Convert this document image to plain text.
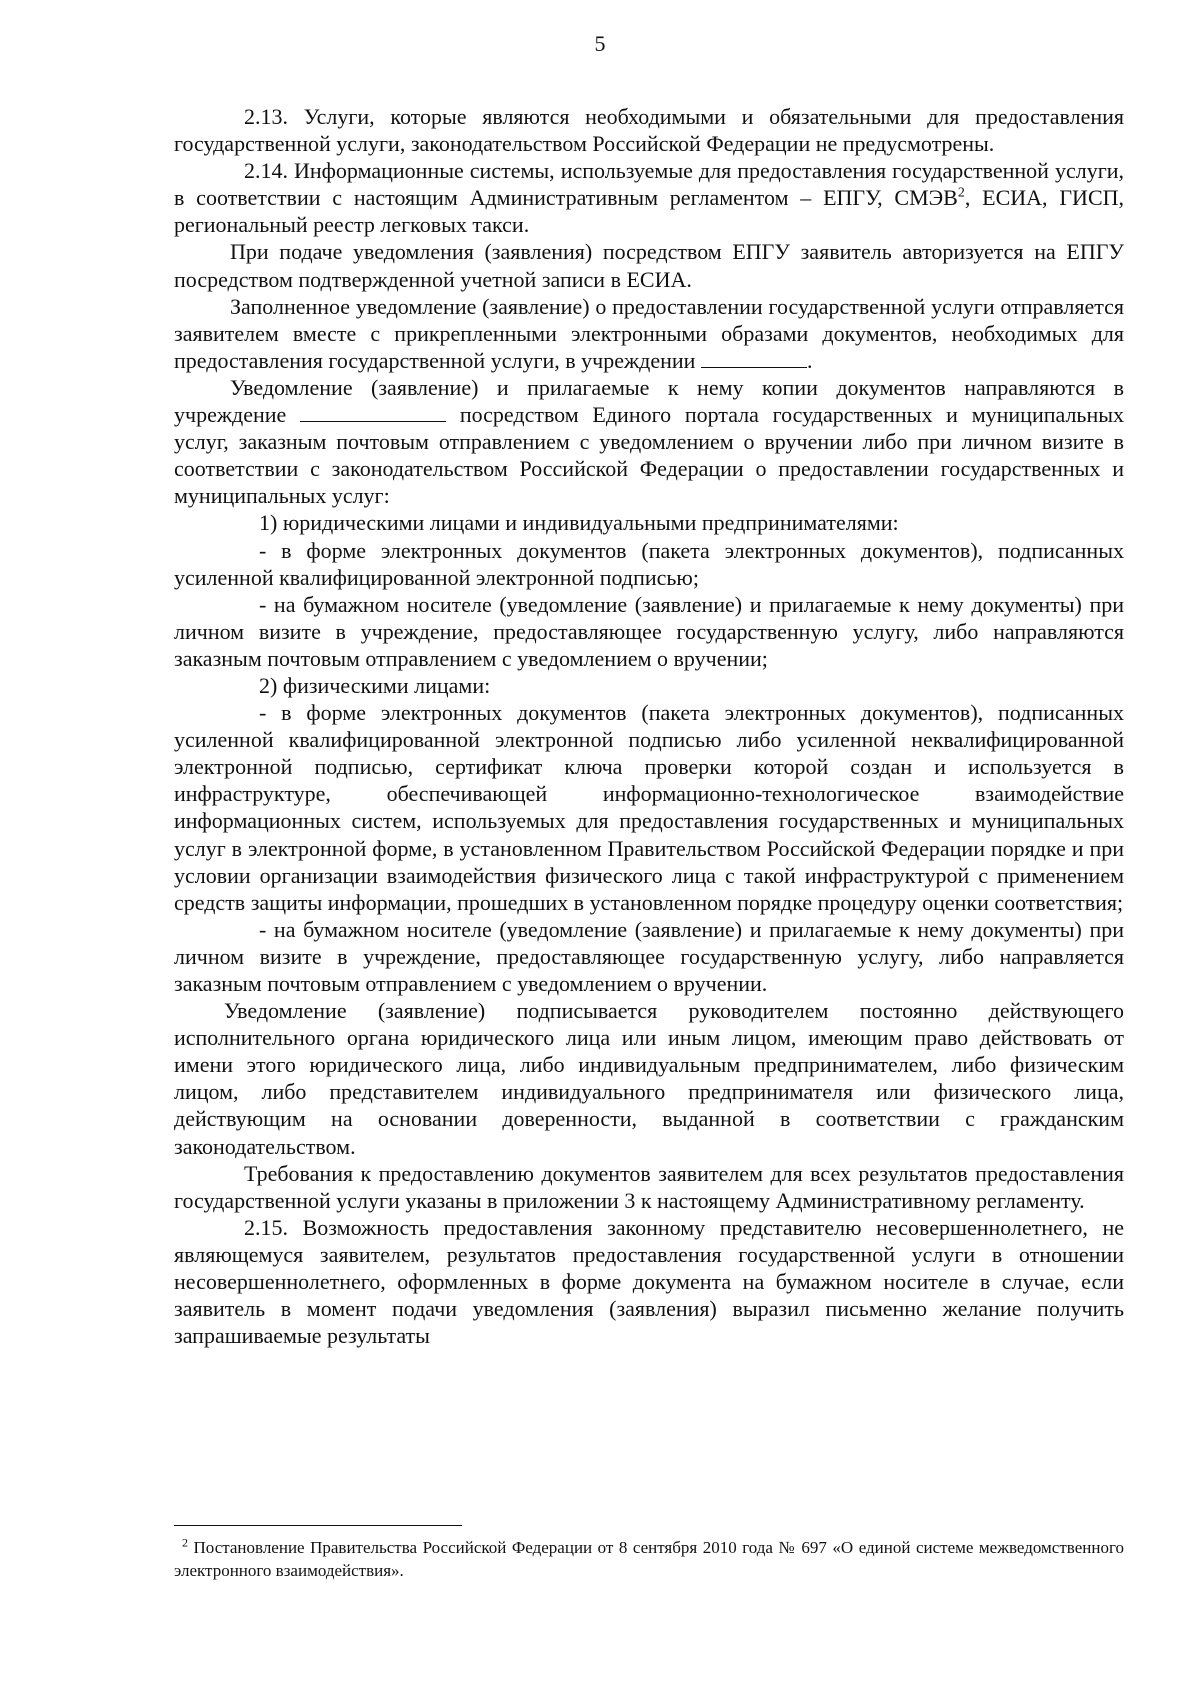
5

2.13. Услуги, которые являются необходимыми и обязательными для предоставления государственной услуги, законодательством Российской Федерации не предусмотрены.

2.14. Информационные системы, используемые для предоставления государственной услуги, в соответствии с настоящим Административным регламентом – ЕПГУ, СМЭВ$^2$, ЕСИА, ГИСП, региональный реестр легковых такси.

При подаче уведомления (заявления) посредством ЕПГУ заявитель авторизуется на ЕПГУ посредством подтвержденной учетной записи в ЕСИА.

Заполненное уведомление (заявление) о предоставлении государственной услуги отправляется заявителем вместе с прикрепленными электронными образами документов, необходимых для предоставления государственной услуги, в учреждении	.

Уведомление (заявление) и прилагаемые к нему копии документов направляются в учреждение	посредством Единого портала государственных и муниципальных услуг, заказным почтовым отправлением с уведомлением о вручении либо при личном визите в соответствии с законодательством Российской Федерации о предоставлении государственных и муниципальных услуг:

1) юридическими лицами и индивидуальными предпринимателями:

- в форме электронных документов (пакета электронных документов), подписанных усиленной квалифицированной электронной подписью;

- на бумажном носителе (уведомление (заявление) и прилагаемые к нему документы) при личном визите в учреждение, предоставляющее государственную услугу, либо направляются заказным почтовым отправлением с уведомлением о вручении;

2) физическими лицами:

- в форме электронных документов (пакета электронных документов), подписанных усиленной квалифицированной электронной подписью либо усиленной неквалифицированной электронной подписью, сертификат ключа проверки которой создан и используется в инфраструктуре, обеспечивающей информационно-технологическое взаимодействие информационных систем, используемых для предоставления государственных и муниципальных услуг в электронной форме, в установленном Правительством Российской Федерации порядке и при условии организации взаимодействия физического лица с такой инфраструктурой с применением средств защиты информации, прошедших в установленном порядке процедуру оценки соответствия;

- на бумажном носителе (уведомление (заявление) и прилагаемые к нему документы) при личном визите в учреждение, предоставляющее государственную услугу, либо направляется заказным почтовым отправлением с уведомлением о вручении.

Уведомление (заявление) подписывается руководителем постоянно действующего исполнительного органа юридического лица или иным лицом, имеющим право действовать от имени этого юридического лица, либо индивидуальным предпринимателем, либо физическим лицом, либо представителем индивидуального предпринимателя или физического лица, действующим на основании доверенности, выданной в соответствии с гражданским законодательством.

Требования к предоставлению документов заявителем для всех результатов предоставления государственной услуги указаны в приложении 3 к настоящему Административному регламенту.

2.15. Возможность предоставления законному представителю несовершеннолетнего, не являющемуся заявителем, результатов предоставления государственной услуги в отношении несовершеннолетнего, оформленных в форме документа на бумажном носителе в случае, если заявитель в момент подачи уведомления (заявления) выразил письменно желание получить запрашиваемые результаты

$^2$ Постановление Правительства Российской Федерации от 8 сентября 2010 года № 697 «О единой системе межведомственного электронного взаимодействия».
